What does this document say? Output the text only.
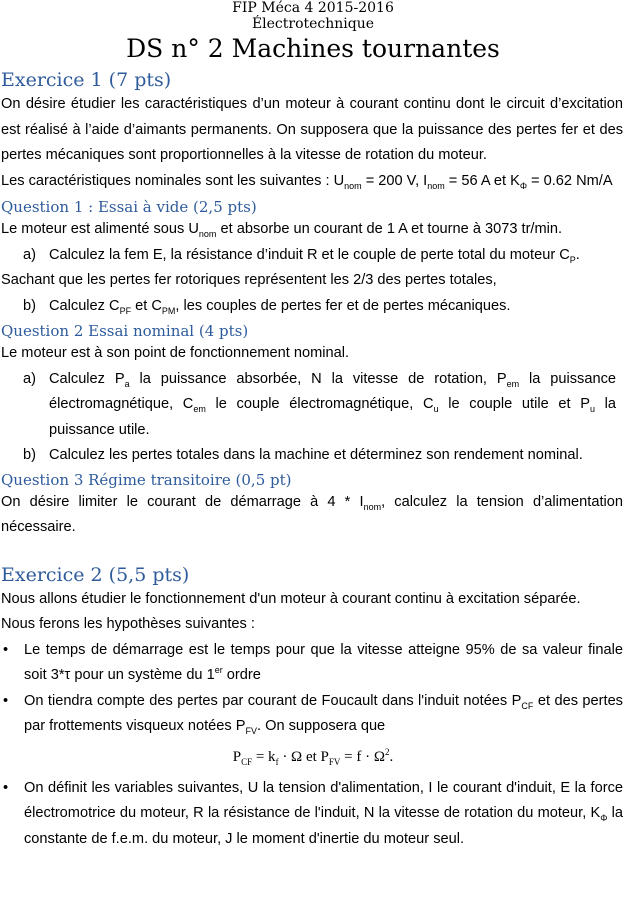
FIP Méca 4 2015-2016
Électrotechnique
DS n° 2 Machines tournantes
Exercice 1 (7 pts)

On désire étudier les caractéristiques d’un moteur à courant continu dont le circuit d’excitation est réalisé à l’aide d’aimants permanents. On supposera que la puissance des pertes fer et des pertes mécaniques sont proportionnelles à la vitesse de rotation du moteur.

Les caractéristiques nominales sont les suivantes : $U_{nom} = 200$ V, $I_{nom} = 56$ A et $K_\Phi = 0.62$ Nm/A

Question 1 : Essai à vide (2,5 pts)

Le moteur est alimenté sous $U_{nom}$ et absorbe un courant de 1 A et tourne à 3073 tr/min.

a) Calculez la fem E, la résistance d’induit R et le couple de perte total du moteur $C_P$.

Sachant que les pertes fer rotoriques représentent les 2/3 des pertes totales,

b) Calculez $C_{PF}$ et $C_{PM}$, les couples de pertes fer et de pertes mécaniques.

Question 2 Essai nominal (4 pts)

Le moteur est à son point de fonctionnement nominal.

a) Calculez $P_a$ la puissance absorbée, N la vitesse de rotation, $P_{em}$ la puissance électromagnétique, $C_{em}$ le couple électromagnétique, $C_u$ le couple utile et $P_u$ la puissance utile.

b) Calculez les pertes totales dans la machine et déterminez son rendement nominal.

Question 3 Régime transitoire (0,5 pt)

On désire limiter le courant de démarrage à $4 * I_{nom}$, calculez la tension d’alimentation nécessaire.

Exercice 2 (5,5 pts)

Nous allons étudier le fonctionnement d'un moteur à courant continu à excitation séparée.

Nous ferons les hypothèses suivantes :

• Le temps de démarrage est le temps pour que la vitesse atteigne 95% de sa valeur finale soit 3*τ pour un système du 1er ordre

• On tiendra compte des pertes par courant de Foucault dans l'induit notées $P_{CF}$ et des pertes par frottements visqueux notées $P_{FV}$. On supposera que

$P_{CF} = k_f \cdot \Omega$ et $P_{FV} = f \cdot \Omega^2$.

• On définit les variables suivantes, U la tension d'alimentation, I le courant d'induit, E la force électromotrice du moteur, R la résistance de l'induit, N la vitesse de rotation du moteur, $K_\Phi$ la constante de f.e.m. du moteur, J le moment d'inertie du moteur seul.
